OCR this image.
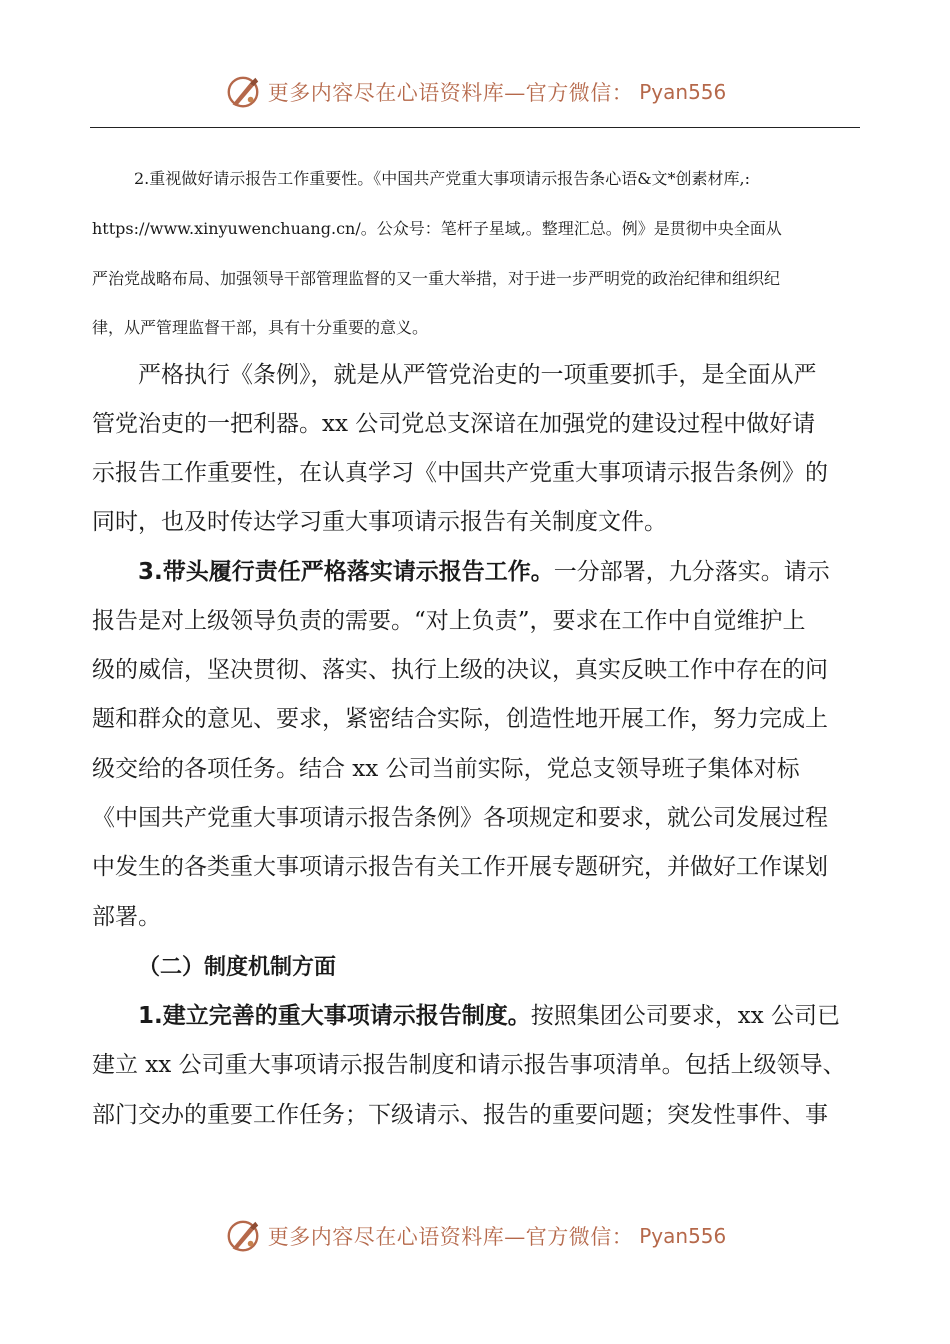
更多内容尽在心语资料库—官方微信： Pyan556
2.重视做好请示报告工作重要性。《中国共产党重大事项请示报告条心语&文*创素材库,:
https://www.xinyuwenchuang.cn/。公众号：笔杆子星域,。整理汇总。例》是贯彻中央全面从
严治党战略布局、加强领导干部管理监督的又一重大举措，对于进一步严明党的政治纪律和组织纪
律，从严管理监督干部，具有十分重要的意义。
严格执行《条例》，就是从严管党治吏的一项重要抓手，是全面从严
管党治吏的一把利器。xx 公司党总支深谙在加强党的建设过程中做好请
示报告工作重要性，在认真学习《中国共产党重大事项请示报告条例》的
同时，也及时传达学习重大事项请示报告有关制度文件。
3.带头履行责任严格落实请示报告工作。一分部署，九分落实。请示
报告是对上级领导负责的需要。“对上负责”，要求在工作中自觉维护上
级的威信，坚决贯彻、落实、执行上级的决议，真实反映工作中存在的问
题和群众的意见、要求，紧密结合实际，创造性地开展工作，努力完成上
级交给的各项任务。结合 xx 公司当前实际，党总支领导班子集体对标
《中国共产党重大事项请示报告条例》各项规定和要求，就公司发展过程
中发生的各类重大事项请示报告有关工作开展专题研究，并做好工作谋划
部署。
（二）制度机制方面
1.建立完善的重大事项请示报告制度。按照集团公司要求，xx 公司已
建立 xx 公司重大事项请示报告制度和请示报告事项清单。包括上级领导、
部门交办的重要工作任务；下级请示、报告的重要问题；突发性事件、事
更多内容尽在心语资料库—官方微信： Pyan556
